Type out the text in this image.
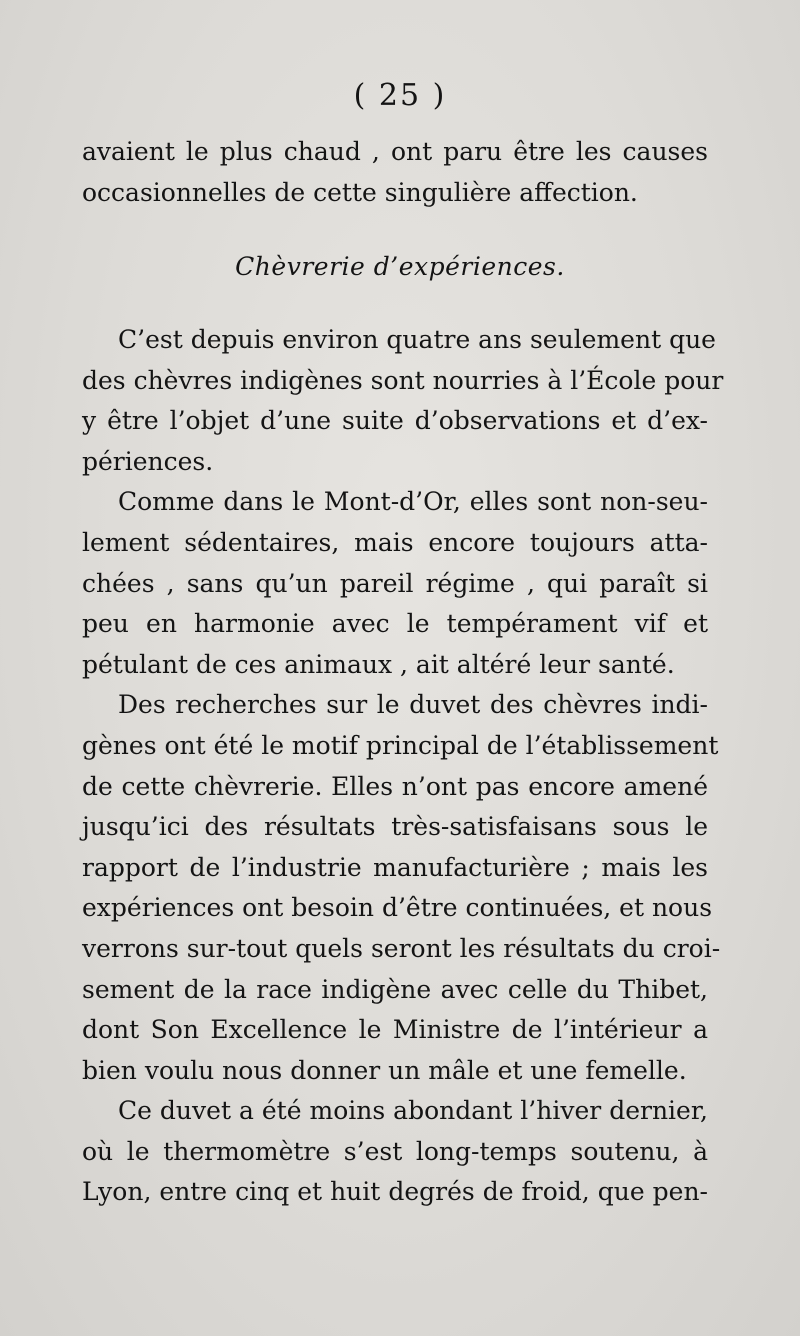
( 25 )
avaient le plus chaud , ont paru être les causes
occasionnelles de cette singulière affection.
Chèvrerie d’expériences.
C’est depuis environ quatre ans seulement que
des chèvres indigènes sont nourries à l’École pour
y être l’objet d’une suite d’observations et d’ex-
périences.
Comme dans le Mont-d’Or, elles sont non-seu-
lement sédentaires, mais encore toujours atta-
chées , sans qu’un pareil régime , qui paraît si
peu en harmonie avec le tempérament vif et
pétulant de ces animaux , ait altéré leur santé.
Des recherches sur le duvet des chèvres indi-
gènes ont été le motif principal de l’établissement
de cette chèvrerie. Elles n’ont pas encore amené
jusqu’ici des résultats très-satisfaisans sous le
rapport de l’industrie manufacturière ; mais les
expériences ont besoin d’être continuées, et nous
verrons sur-tout quels seront les résultats du croi-
sement de la race indigène avec celle du Thibet,
dont Son Excellence le Ministre de l’intérieur a
bien voulu nous donner un mâle et une femelle.
Ce duvet a été moins abondant l’hiver dernier,
où le thermomètre s’est long-temps soutenu, à
Lyon, entre cinq et huit degrés de froid, que pen-
